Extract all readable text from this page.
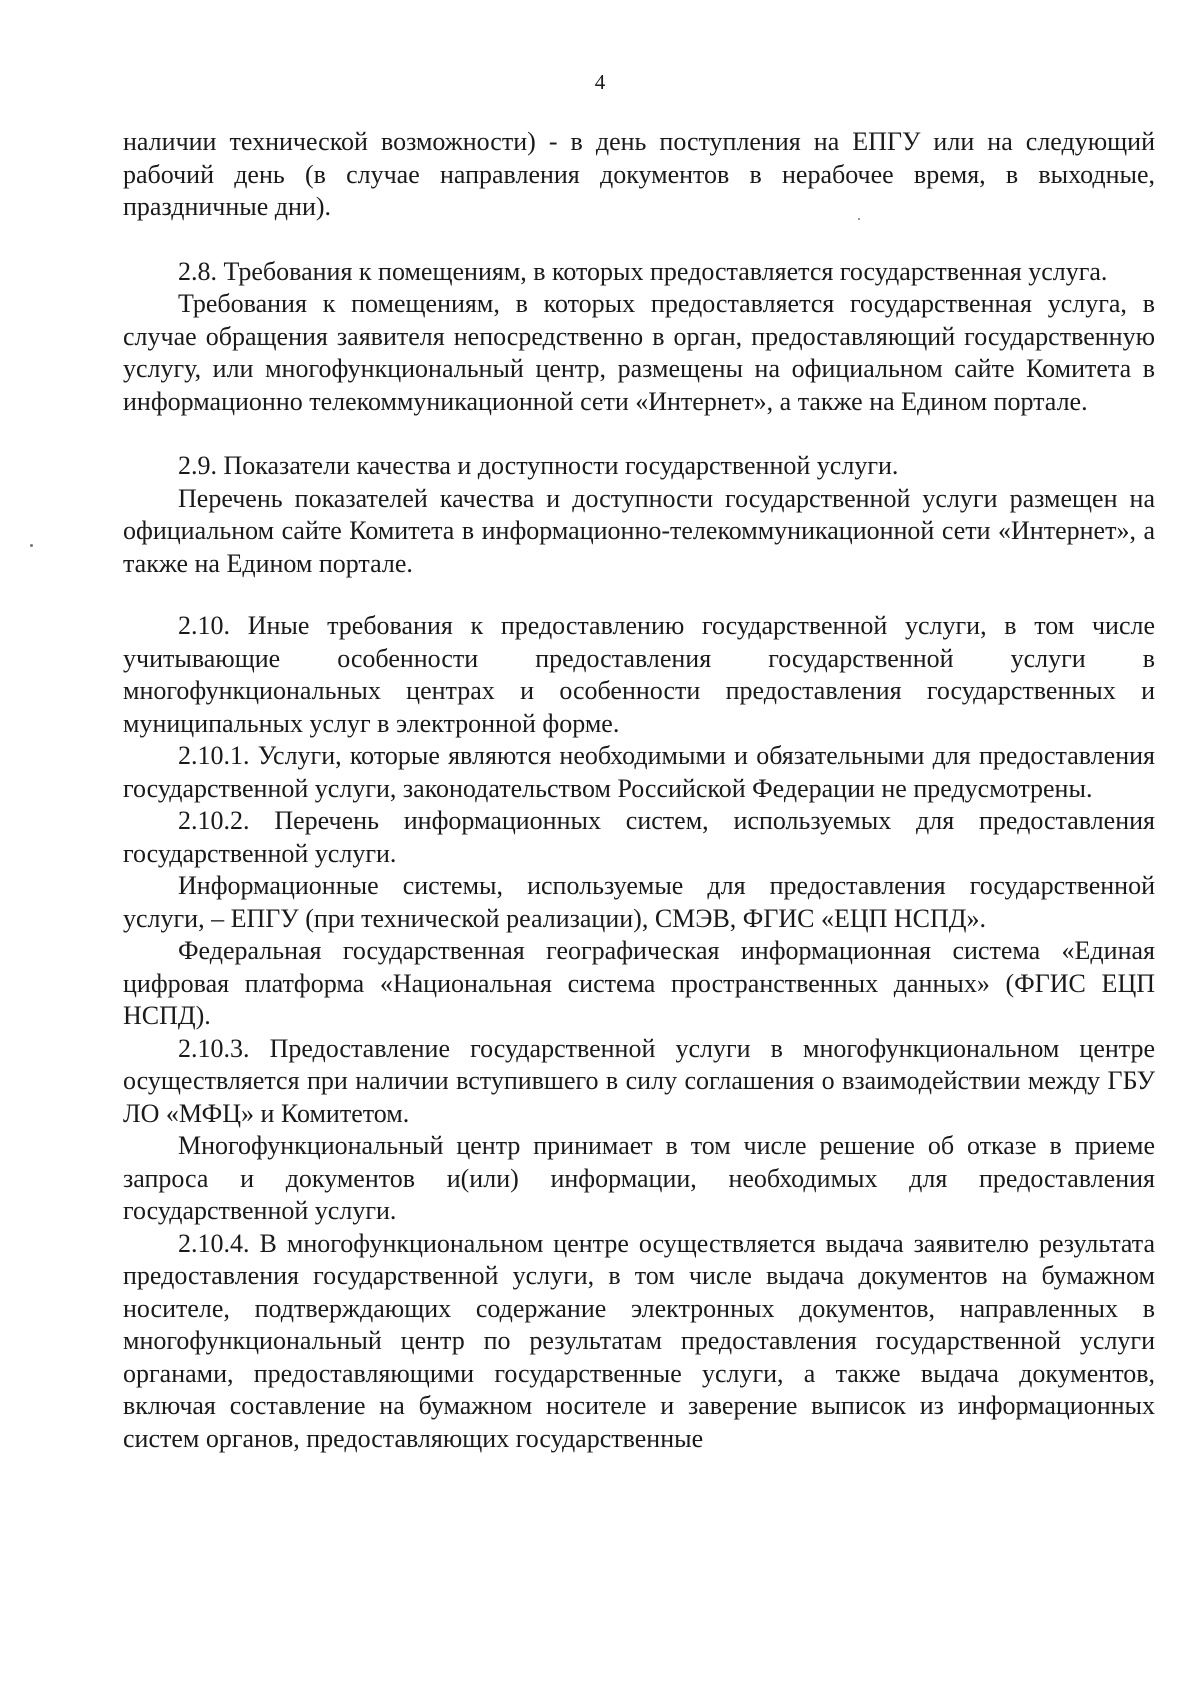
4

наличии технической возможности) - в день поступления на ЕПГУ или на следующий рабочий день (в случае направления документов в нерабочее время, в выходные, праздничные дни).

2.8. Требования к помещениям, в которых предоставляется государственная услуга.

Требования к помещениям, в которых предоставляется государственная услуга, в случае обращения заявителя непосредственно в орган, предоставляющий государственную услугу, или многофункциональный центр, размещены на официальном сайте Комитета в информационно телекоммуникационной сети «Интернет», а также на Едином портале.

2.9. Показатели качества и доступности государственной услуги.

Перечень показателей качества и доступности государственной услуги размещен на официальном сайте Комитета в информационно-телекоммуникационной сети «Интернет», а также на Едином портале.

2.10. Иные требования к предоставлению государственной услуги, в том числе учитывающие особенности предоставления государственной услуги в многофункциональных центрах и особенности предоставления государственных и муниципальных услуг в электронной форме.

2.10.1. Услуги, которые являются необходимыми и обязательными для предоставления государственной услуги, законодательством Российской Федерации не предусмотрены.

2.10.2. Перечень информационных систем, используемых для предоставления государственной услуги.

Информационные системы, используемые для предоставления государственной услуги, – ЕПГУ (при технической реализации), СМЭВ, ФГИС «ЕЦП НСПД».

Федеральная государственная географическая информационная система «Единая цифровая платформа «Национальная система пространственных данных» (ФГИС ЕЦП НСПД).

2.10.3. Предоставление государственной услуги в многофункциональном центре осуществляется при наличии вступившего в силу соглашения о взаимодействии между ГБУ ЛО «МФЦ» и Комитетом.

Многофункциональный центр принимает в том числе решение об отказе в приеме запроса и документов и(или) информации, необходимых для предоставления государственной услуги.

2.10.4. В многофункциональном центре осуществляется выдача заявителю результата предоставления государственной услуги, в том числе выдача документов на бумажном носителе, подтверждающих содержание электронных документов, направленных в многофункциональный центр по результатам предоставления государственной услуги органами, предоставляющими государственные услуги, а также выдача документов, включая составление на бумажном носителе и заверение выписок из информационных систем органов, предоставляющих государственные
